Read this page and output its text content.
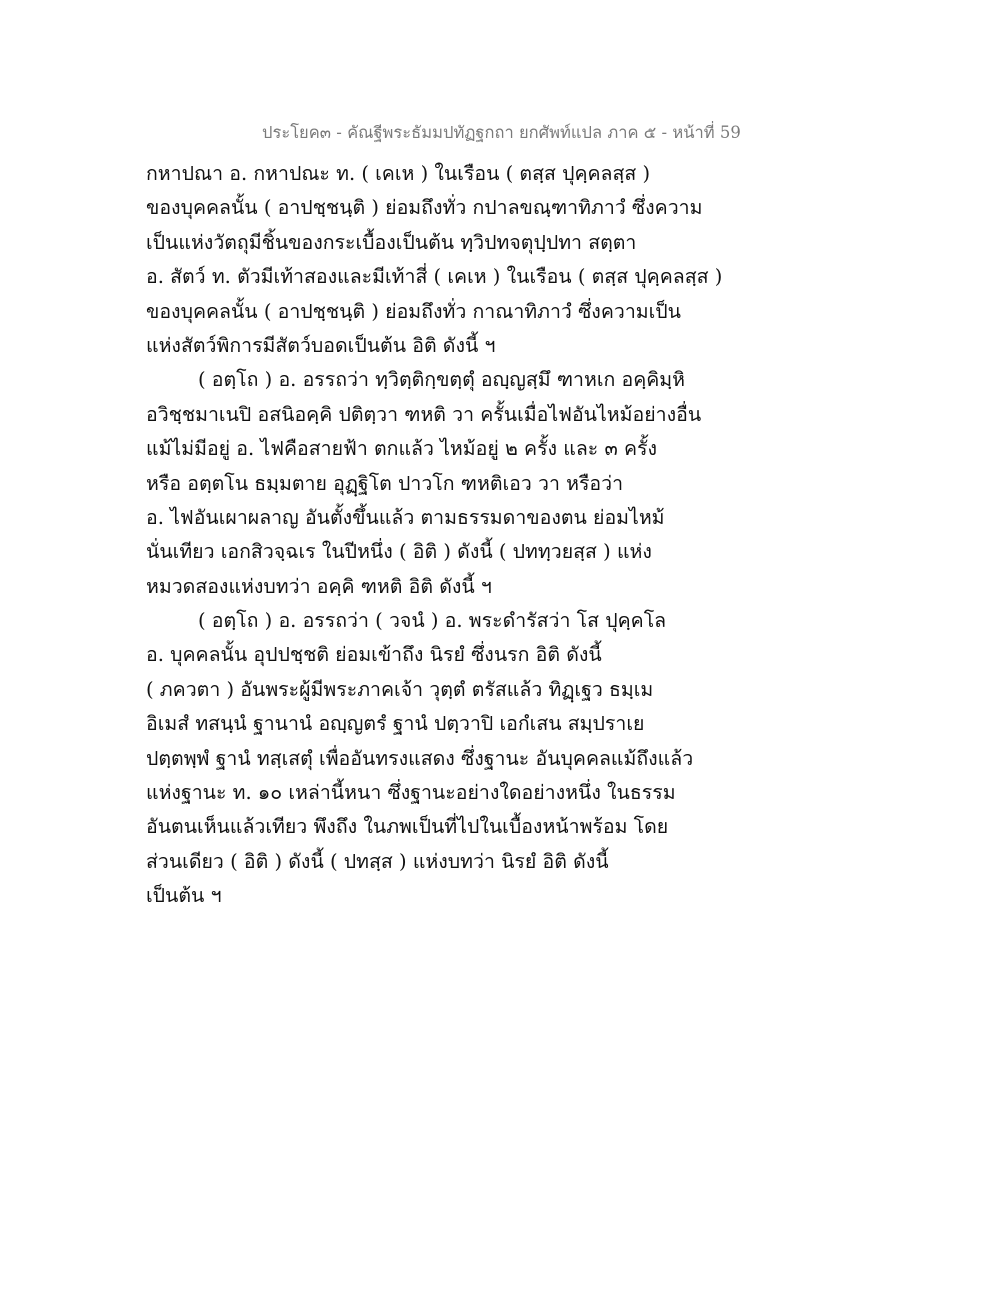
ประโยค๓ - คัณฐีพระธัมมปทัฏฐกถา ยกศัพท์แปล ภาค ๕ - หน้าที่ 59
กหาปณา อ. กหาปณะ ท. ( เคเห ) ในเรือน ( ตสฺส ปุคฺคลสฺส )
ของบุคคลนั้น ( อาปชฺชนฺติ ) ย่อมถึงทั่ว กปาลขณฺฑาทิภาวํ ซึ่งความ
เป็นแห่งวัตถุมีชิ้นของกระเบื้องเป็นต้น ทฺวิปทจตุปฺปทา สตฺตา
อ. สัตว์ ท. ตัวมีเท้าสองและมีเท้าสี่ ( เคเห ) ในเรือน ( ตสฺส ปุคฺคลสฺส )
ของบุคคลนั้น ( อาปชฺชนฺติ ) ย่อมถึงทั่ว กาณาทิภาวํ ซึ่งความเป็น
แห่งสัตว์พิการมีสัตว์บอดเป็นต้น อิติ ดังนี้ ฯ
( อตฺโถ ) อ. อรรถว่า ทฺวิตฺติกฺขตฺตุํ อญฺญสฺมึ ฑาหเก อคฺคิมฺหิ
อวิชฺชมาเนปิ อสนิอคฺคิ ปติตฺวา ฑหติ วา ครั้นเมื่อไฟอันไหม้อย่างอื่น
แม้ไม่มีอยู่ อ. ไฟคือสายฟ้า ตกแล้ว ไหม้อยู่ ๒ ครั้ง และ ๓ ครั้ง
หรือ อตฺตโน ธมฺมตาย อุฏฺฐิโต ปาวโก ฑหติเอว วา หรือว่า
อ. ไฟอันเผาผลาญ อันตั้งขึ้นแล้ว ตามธรรมดาของตน ย่อมไหม้
นั่นเทียว เอกสิวจฺฉเร ในปีหนึ่ง ( อิติ ) ดังนี้ ( ปททฺวยสฺส ) แห่ง
หมวดสองแห่งบทว่า อคฺคิ ฑหติ อิติ ดังนี้ ฯ
( อตฺโถ ) อ. อรรถว่า ( วจนํ ) อ. พระดำรัสว่า โส ปุคฺคโล
อ. บุคคลนั้น อุปปชฺชติ ย่อมเข้าถึง นิรยํ ซึ่งนรก อิติ ดังนี้
( ภควตา ) อันพระผู้มีพระภาคเจ้า วุตฺตํ ตรัสแล้ว ทิฏฺเฐว ธมฺเม
อิเมสํ ทสนฺนํ ฐานานํ อญฺญตรํ ฐานํ ปตฺวาปิ เอกํเสน สมฺปราเย
ปตฺตพฺพํ ฐานํ ทสฺเสตุํ เพื่ออันทรงแสดง ซึ่งฐานะ อันบุคคลแม้ถึงแล้ว
แห่งฐานะ ท. ๑๐ เหล่านี้หนา ซึ่งฐานะอย่างใดอย่างหนึ่ง ในธรรม
อันตนเห็นแล้วเทียว พึงถึง ในภพเป็นที่ไปในเบื้องหน้าพร้อม โดย
ส่วนเดียว ( อิติ ) ดังนี้ ( ปทสฺส ) แห่งบทว่า นิรยํ อิติ ดังนี้
เป็นต้น ฯ
